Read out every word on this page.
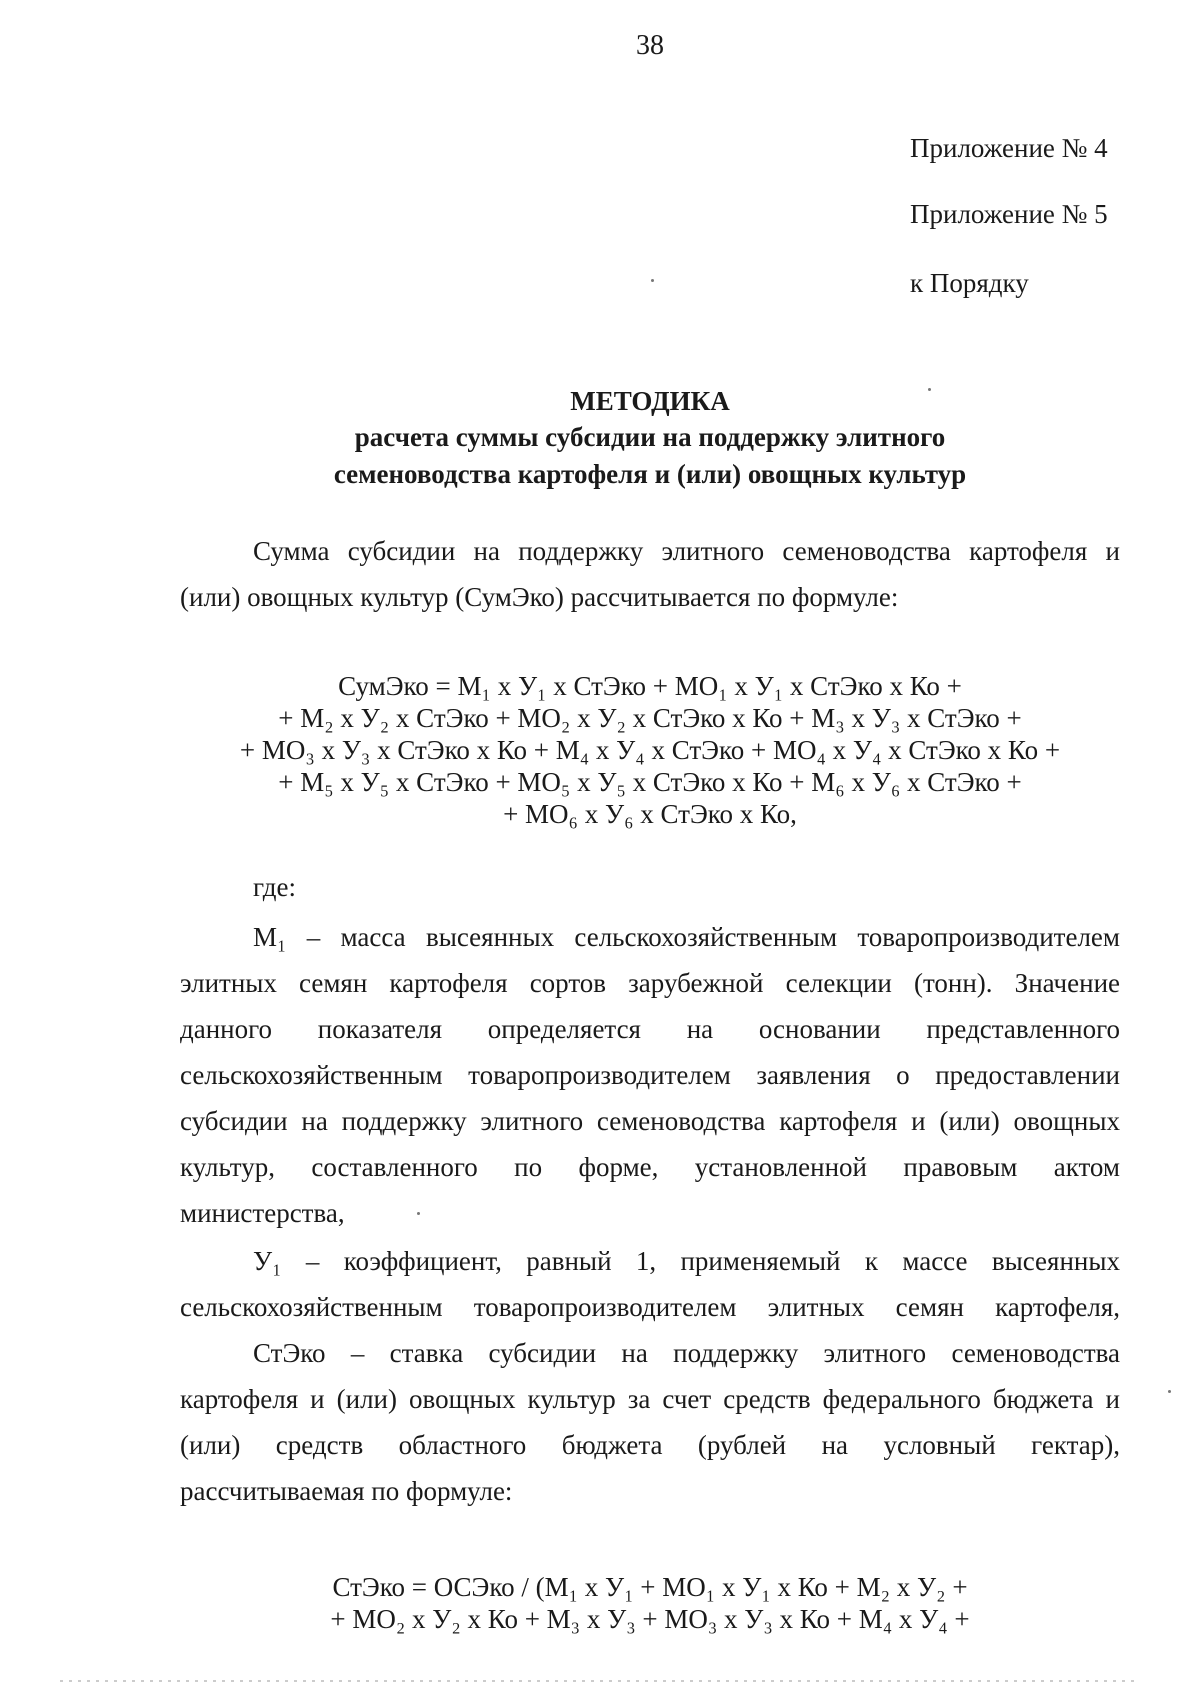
38
Приложение № 4
Приложение № 5
к Порядку
МЕТОДИКА
расчета суммы субсидии на поддержку элитного
семеноводства картофеля и (или) овощных культур
Сумма субсидии на поддержку элитного семеноводства картофеля и
(или) овощных культур (СумЭко) рассчитывается по формуле:
СумЭко = М₁ х У₁ х СтЭко + МО₁ х У₁ х СтЭко х Ко +
+ М₂ х У₂ х СтЭко + МО₂ х У₂ х СтЭко х Ко + М₃ х У₃ х СтЭко +
+ МО₃ х У₃ х СтЭко х Ко + М₄ х У₄ х СтЭко + МО₄ х У₄ х СтЭко х Ко +
+ М₅ х У₅ х СтЭко + МО₅ х У₅ х СтЭко х Ко + М₆ х У₆ х СтЭко +
+ МО₆ х У₆ х СтЭко х Ко,
где:
М₁ – масса высеянных сельскохозяйственным товаропроизводителем
элитных семян картофеля сортов зарубежной селекции (тонн). Значение
данного показателя определяется на основании представленного
сельскохозяйственным товаропроизводителем заявления о предоставлении
субсидии на поддержку элитного семеноводства картофеля и (или) овощных
культур, составленного по форме, установленной правовым актом
министерства,
У₁ – коэффициент, равный 1, применяемый к массе высеянных
сельскохозяйственным товаропроизводителем элитных семян картофеля,
СтЭко – ставка субсидии на поддержку элитного семеноводства
картофеля и (или) овощных культур за счет средств федерального бюджета и
(или) средств областного бюджета (рублей на условный гектар),
рассчитываемая по формуле:
СтЭко = ОСЭко / (М₁ х У₁ + МО₁ х У₁ х Ко + М₂ х У₂ +
+ МО₂ х У₂ х Ко + М₃ х У₃ + МО₃ х У₃ х Ко + М₄ х У₄ +
